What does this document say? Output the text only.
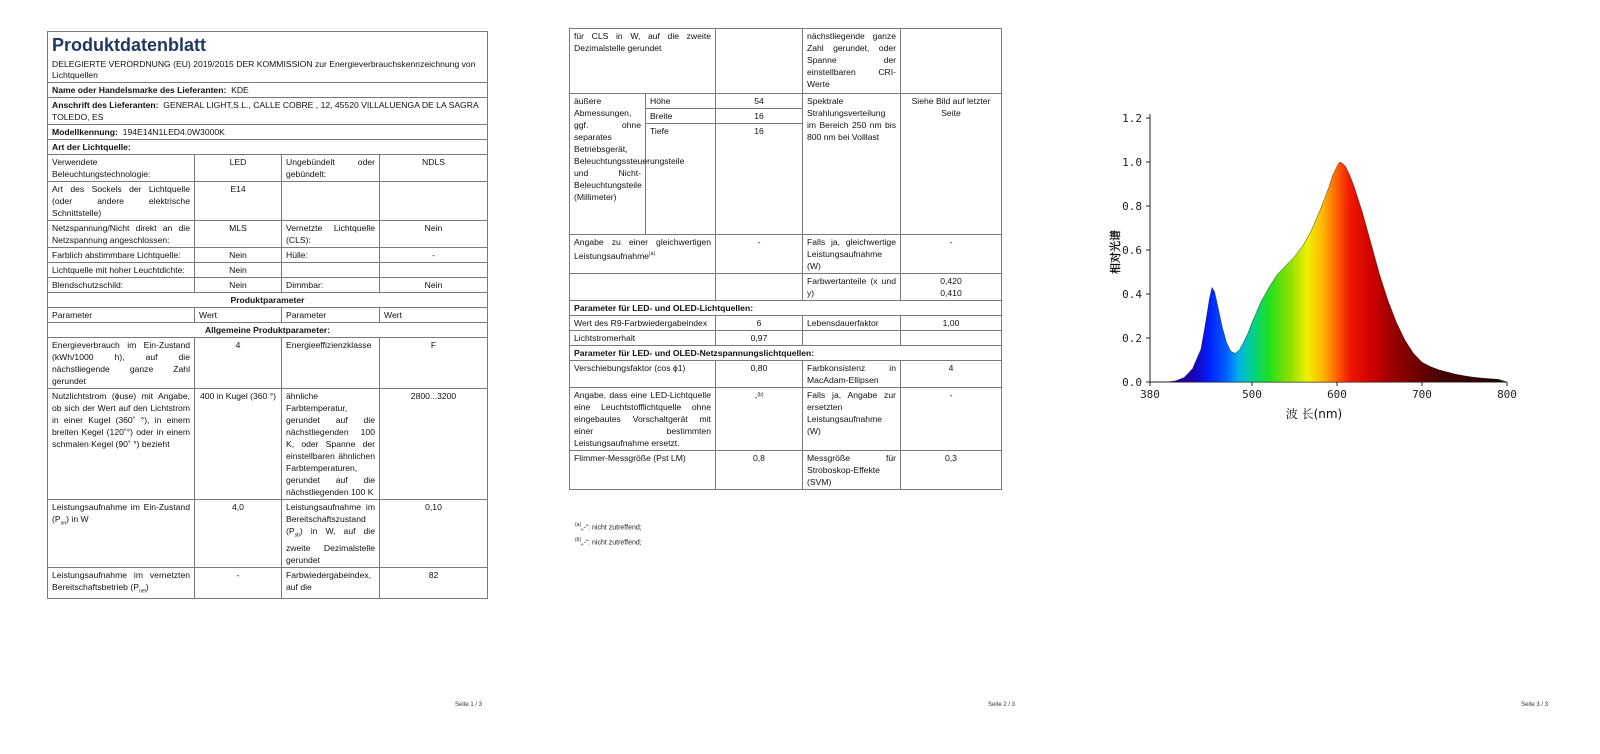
Produktdatenblatt
DELEGIERTE VERORDNUNG (EU) 2019/2015 DER KOMMISSION zur Energieverbrauchskennzeichnung von Lichtquellen			

Name oder Handelsmarke des Lieferanten: KDE			
Anschrift des Lieferanten: GENERAL LIGHT,S.L., CALLE COBRE , 12, 45520 VILLALUENGA DE LA SAGRA TOLEDO, ES			
Modellkennung: 194E14N1LED4.0W3000K			
Art der Lichtquelle:			
Verwendete Beleuchtungstechnologie:	LED	Ungebündelt oder gebündelt:	NDLS
Art des Sockels der Lichtquelle (oder andere elektrische Schnittstelle)	E14		
Netzspannung/Nicht direkt an die Netzspannung angeschlossen:	MLS	Vernetzte Lichtquelle (CLS):	Nein
Farblich abstimmbare Lichtquelle:	Nein	Hülle:	-
Lichtquelle mit hoher Leuchtdichte:	Nein		
Blendschutzschild:	Nein	Dimmbar:	Nein
Produktparameter			
Parameter	Wert	Parameter	Wert
Allgemeine Produktparameter:			
Energieverbrauch im Ein-Zustand (kWh/1000 h), auf die nächstliegende ganze Zahl gerundet	4	Energieeffizienzklasse	F
Nutzlichtstrom (ɸuse) mit Angabe, ob sich der Wert auf den Lichtstrom in einer Kugel (360˚ °), in einem breiten Kegel (120˚°) oder in einem schmalen Kegel (90˚ °) bezieht	400 in Kugel (360 °)	ähnliche Farbtemperatur, gerundet auf die nächstliegenden 100 K, oder Spanne der einstellbaren ähnlichen Farbtemperaturen, gerundet auf die nächstliegenden 100 K	2800...3200
Leistungsaufnahme im Ein-Zustand $(P_{on})$ in W	4,0	Leistungsaufnahme im Bereitschaftszustand $(P_{sb})$ in W, auf die zweite Dezimalstelle gerundet	0,10
Leistungsaufnahme im vernetzten Bereitschaftsbetrieb $(P_{net})$	-	Farbwiedergabeindex, auf die	82
Seite 1 / 3
für CLS in W, auf die zweite Dezimalstelle gerundet			nächstliegende ganze Zahl gerundet, oder Spanne der einstellbaren CRI-Werte	
äußere Abmessungen, ggf. ohne separates Betriebsgerät, Beleuchtungssteuerungsteile und Nicht-Beleuchtungsteile (Millimeter)	Höhe	54	Spektrale Strahlungsverteilung im Bereich 250 nm bis 800 nm bei Volllast	Siehe Bild auf letzter Seite
	Breite	16		
	Tiefe	16		
Angabe zu einer gleichwertigen Leistungsaufnahme$^{(a)}$		-	Falls ja, gleichwertige Leistungsaufnahme (W)	-
			Farbwertanteile (x und y)	0,420
0,410

Parameter für LED- und OLED-Lichtquellen:				
Wert des R9-Farbwiedergabeindex		6	Lebensdauerfaktor	1,00
Lichtstromerhalt		0,97		
Parameter für LED- und OLED-Netzspannungslichtquellen:				
Verschiebungsfaktor (cos ϕ1)		0,80	Farbkonsistenz in MacAdam-Ellipsen	4
Angabe, dass eine LED-Lichtquelle eine Leuchtstofflichtquelle ohne eingebautes Vorschaltgerät mit einer bestimmten Leistungsaufnahme ersetzt.		-$^{(b)}$	Falls ja, Angabe zur ersetzten Leistungsaufnahme (W)	-
Flimmer-Messgröße (Pst LM)		0,8	Messgröße für Stroboskop-Effekte (SVM)	0,3
$^{(a)}$„-“: nicht zutreffend;
$^{(b)}$„-“: nicht zutreffend;
Seite 2 / 3
0.0
0.2
0.4
0.6
0.8
1.0
1.2
380	500	600	700	800
相对光谱
波 长(nm)
Seite 3 / 3
